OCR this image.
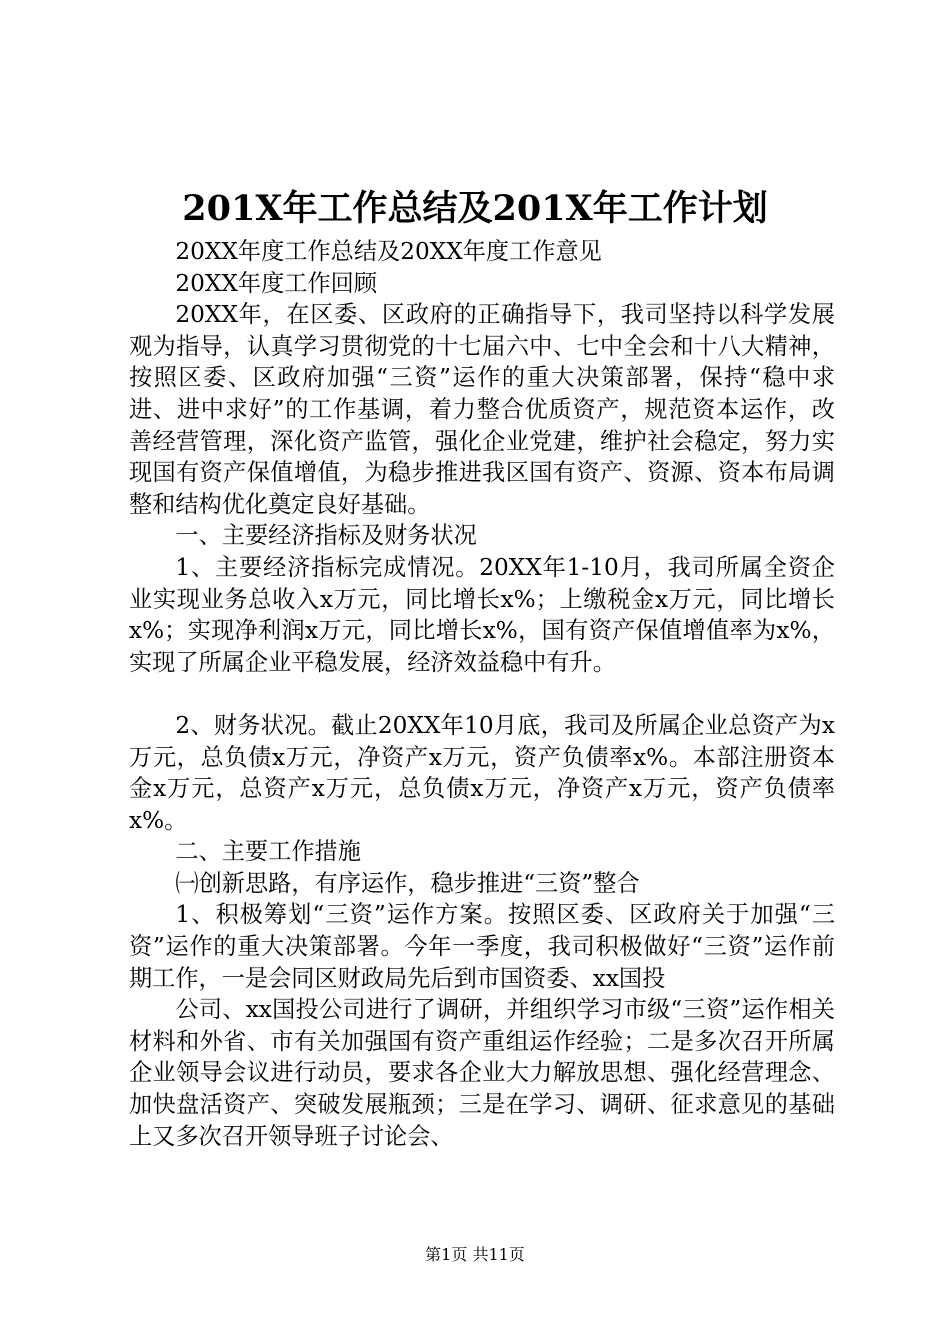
201X年工作总结及201X年工作计划

20XX年度工作总结及20XX年度工作意见

20XX年度工作回顾

20XX年，在区委、区政府的正确指导下，我司坚持以科学发展观为指导，认真学习贯彻党的十七届六中、七中全会和十八大精神，按照区委、区政府加强“三资”运作的重大决策部署，保持“稳中求进、进中求好”的工作基调，着力整合优质资产，规范资本运作，改善经营管理，深化资产监管，强化企业党建，维护社会稳定，努力实现国有资产保值增值，为稳步推进我区国有资产、资源、资本布局调整和结构优化奠定良好基础。

一、主要经济指标及财务状况

1、主要经济指标完成情况。20XX年1-10月，我司所属全资企业实现业务总收入x万元，同比增长x%；上缴税金x万元，同比增长x%；实现净利润x万元，同比增长x%，国有资产保值增值率为x%，实现了所属企业平稳发展，经济效益稳中有升。

2、财务状况。截止20XX年10月底，我司及所属企业总资产为x万元，总负债x万元，净资产x万元，资产负债率x%。本部注册资本金x万元，总资产x万元，总负债x万元，净资产x万元，资产负债率x%。

二、主要工作措施

㈠创新思路，有序运作，稳步推进“三资”整合

1、积极筹划“三资”运作方案。按照区委、区政府关于加强“三资”运作的重大决策部署。今年一季度，我司积极做好“三资”运作前期工作，一是会同区财政局先后到市国资委、xx国投

公司、xx国投公司进行了调研，并组织学习市级“三资”运作相关材料和外省、市有关加强国有资产重组运作经验；二是多次召开所属企业领导会议进行动员，要求各企业大力解放思想、强化经营理念、加快盘活资产、突破发展瓶颈；三是在学习、调研、征求意见的基础上又多次召开领导班子讨论会、

第1页 共11页
